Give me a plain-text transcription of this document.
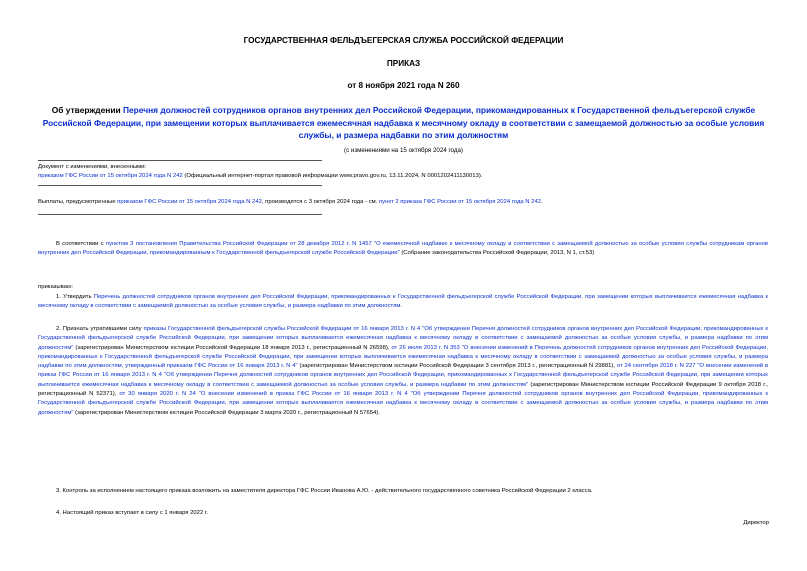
ГОСУДАРСТВЕННАЯ ФЕЛЬДЪЕГЕРСКАЯ СЛУЖБА РОССИЙСКОЙ ФЕДЕРАЦИИ
ПРИКАЗ
от 8 ноября 2021 года N 260
Об утверждении Перечня должностей сотрудников органов внутренних дел Российской Федерации, прикомандированных к Государственной фельдъегерской службе Российской Федерации, при замещении которых выплачивается ежемесячная надбавка к месячному окладу в соответствии с замещаемой должностью за особые условия службы, и размера надбавки по этим должностям
(с изменениями на 15 октября 2024 года)
Документ с изменениями, внесенными:
приказом ГФС России от 15 октября 2024 года N 242 (Официальный интернет-портал правовой информации www.pravo.gov.ru, 13.11.2024, N 0001202411130013).
Выплаты, предусмотренные приказом ГФС России от 15 октября 2024 года N 242, производятся с 3 октября 2024 года - см. пункт 2 приказа ГФС России от 15 октября 2024 года N 242.
В соответствии с пунктом 3 постановления Правительства Российской Федерации от 28 декабря 2012 г. N 1457 "О ежемесячной надбавке к месячному окладу в соответствии с замещаемой должностью за особые условия службы сотрудникам органов внутренних дел Российской Федерации, прикомандированным к Государственной фельдъегерской службе Российской Федерации" (Собрание законодательства Российской Федерации, 2013, N 1, ст.53)
приказываю:
1. Утвердить Перечень должностей сотрудников органов внутренних дел Российской Федерации, прикомандированных к Государственной фельдъегерской службе Российской Федерации, при замещении которых выплачивается ежемесячная надбавка к месячному окладу в соответствии с замещаемой должностью за особые условия службы, и размера надбавки по этим должностям.
2. Признать утратившими силу приказы Государственной фельдъегерской службы Российской Федерации от 16 января 2013 г. N 4 "Об утверждении Перечня должностей сотрудников органов внутренних дел Российской Федерации, прикомандированных к Государственной фельдъегерской службе Российской Федерации, при замещении которых выплачивается ежемесячная надбавка к месячному окладу в соответствии с замещаемой должностью за особые условия службы, и размера надбавки по этим должностям" (зарегистрирован Министерством юстиции Российской Федерации 18 января 2013 г., регистрационный N 26598), от 26 июля 2013 г. N 353 "О внесении изменений в Перечень должностей сотрудников органов внутренних дел Российской Федерации, прикомандированных к Государственной фельдъегерской службе Российской Федерации, при замещении которых выплачивается ежемесячная надбавка к месячному окладу в соответствии с замещаемой должностью за особые условия службы, и размера надбавки по этим должностям, утвержденный приказом ГФС России от 16 января 2013 г. N 4" (зарегистрирован Министерством юстиции Российской Федерации 3 сентября 2013 г., регистрационный N 29881), от 24 сентября 2018 г. N 227 "О внесении изменений в приказ ГФС России от 16 января 2013 г. N 4 "Об утверждении Перечня должностей сотрудников органов внутренних дел Российской Федерации, прикомандированных к Государственной фельдъегерской службе Российской Федерации, при замещении которых выплачивается ежемесячная надбавка к месячному окладу в соответствии с замещаемой должностью за особые условия службы, и размера надбавки по этим должностям" (зарегистрирован Министерством юстиции Российской Федерации 9 октября 2018 г., регистрационный N 52371), от 30 января 2020 г. N 24 "О внесении изменений в приказ ГФС России от 16 января 2013 г. N 4 "Об утверждении Перечня должностей сотрудников органов внутренних дел Российской Федерации, прикомандированных к Государственной фельдъегерской службе Российской Федерации, при замещении которых выплачивается ежемесячная надбавка к месячному окладу в соответствии с замещаемой должностью за особые условия службы, и размера надбавки по этим должностям" (зарегистрирован Министерством юстиции Российской Федерации 3 марта 2020 г., регистрационный N 57654).
3. Контроль за исполнением настоящего приказа возложить на заместителя директора ГФС России Иванова А.Ю. - действительного государственного советника Российской Федерации 2 класса.
4. Настоящий приказ вступает в силу с 1 января 2022 г.
Директор
